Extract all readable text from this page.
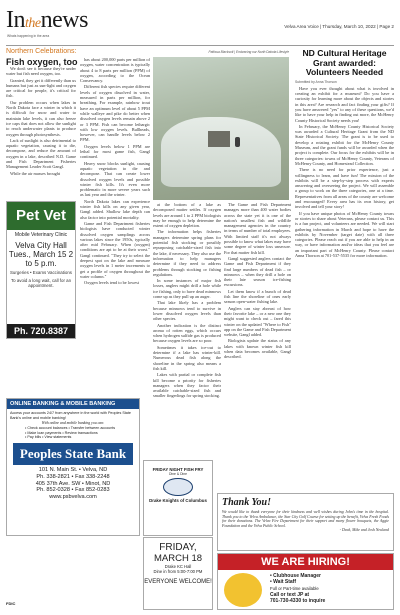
Inthenews
Whats happening in the area
Velva Area Voice | Thursday, March 10, 2022 | Page 2
Northern Celebrations:
Fish oxygen, too
Pattissa Blacksolt | Embracing our North Dakota Lifestyle

We don't see it because they're under water but fish need oxygen, too.

Granted, they get it differently than us humans but just as sun-light and oxygen are critical for people, it's critical for fish.

Our problem occurs when lakes in North Dakota face a winter in which it is difficult for snow and water to maintain lake levels, it can also freeze ice caps that does not allow the sunlight to reach underwater plants to produce oxygen through photosynthesis.

Lack of sunlight is also detrimental to aquatic vegetation, causing it to die, decompose, and reduce the amount of oxygen in a lake, described N.D. Game and Fish Department Fisheries Management Leader Scott Gangl.

While the air masses brought

has about 200,000 parts per million of oxygen, water concentration is typically about 4 to 8 parts per million (PPM) of oxygen, according to the Ocean Conservancy.

Different fish species require different levels of oxygen dissolved in water, measured in parts per million, for breathing. For example, rainbow trout have an optimum level of about 5 PPM while walleye and pike do better when dissolved oxygen levels remain above 2 or 3 PPM. Fish can become lethargic with low oxygen levels. Bullheads, however, can handle levels below 2 PPM.

Oxygen levels below 1 PPM are lethal for most game fish, Gangl continued.

Heavy snow blocks sunlight, causing aquatic vegetation to die and decompose. That can create lower dissolved oxygen levels and possible winter fish kills. It's even more problematic in more severe years such as last year and the winter.

North Dakota lakes can experience winter fish kills on any given year, Gangl added. Shallow lake depth can also factor into potential mortality.

Game and Fish Department fisheries biologists have conducted winter dissolved oxygen samplings across various lakes since the 1950s, typically after mid February. When (oxygen) conditions are apt to be at their worst." Gangl continued. "They try to select the deepest spot on the lake and measure oxygen levels in 1 meter increments to get a profile of oxygen throughout the water column."

Oxygen levels tend to be lowest

at the bottom of a lake as decomposed matter settles. If oxygen levels are around 1 to 2 PPM biologists may be enough to help determine the extent of oxygen depletion.

The information helps fisheries managers determine spring plans for potential fish stocking or possibly repurposing catchable-sized fish into the lake, if necessary. They also use the information to help managers determine if they need to address problems through stocking or fishing regulations.

In some instances of major fish losses, anglers might drill a hole while ice fishing, only to have dead minnows come up as they pull up an auger.

That lake likely has a problem because minnows tend to survive in lower dissolved oxygen levels than other species.

Another indication is the distinct aroma of rotten eggs, which occurs when hydrogen sulfide gas is produced because oxygen levels are so poor.

Sometimes it takes ice-out to determine if a lake has winter-kill. Numerous dead fish along the shoreline in the spring also means a fish kill.

Lakes with partial or complete fish kill become a priority for fisheries managers when they factor their available catchable-sized fish and smaller fingerlings for spring stocking.

The Game and Fish Department manages more than 400 water bodies across the state yet it is one of the nation's smallest fish and wildlife management agencies in the country in terms of number of total employees. With limited staff it's not always possible to know what lakes may have some degree of winter loss unsecure. For that matter fish kill.

Gangl suggested anglers contact the Game and Fish Department if they find large numbers of dead fish – or minnows – when they drill a hole on their late season ice-fishing excursions.

Let them know if a bunch of dead fish line the shoreline of ones early season open-water fishing lake.

Anglers can stay abreast of how their favorite lake – or a new one they might want to check out – fared this winter on the updated "Where to Fish" app on the Game and Fish Department website, Gangl added.

Biologists update the status of any lakes with known winter fish kill when data becomes available, Gangl described.

ND Cultural Heritage Grant awarded: Volunteers Needed
Submitted by Anna Thorson

Have you ever thought about what is involved in creating an exhibit for a museum? Do you have a curiosity for learning more about the objects and stories in this area? Are research and fact finding your gifts? If you have answered "yes" to any of these questions, we'd like to have your help in finding out more, the McHenry County Historical Society needs you!

In February, the McHenry County Historical Society was awarded a Cultural Heritage Grant from the ND State Historical Society. The grant is to be used to develop a rotating exhibit for the McHenry County Museum, and the grant funds will be awarded when the project is complete. Our focus for the exhibits will be in three categories: towns of McHenry County, Veterans of McHenry County, and Homestead Collection.

There is no need for prior experience, just a willingness to learn, and have fun! The mission of the exhibits will be a step-by-step process with experts answering and overseeing the project. We will assemble a group to work on the three categories, one at a time. Representatives from all areas of the county are welcome and encouraged! Every area has its own history, get involved and tell your story!

If you have unique photos of McHenry County towns or stories to share about Veterans, please contact us. This is a fun project, and volunteers are needed. We will start gathering information in March and hope to have the exhibits by November (target date) with all three categories. Please reach out if you are able to help in an way, or have information and/or ideas that you feel are an important part of McHenry County. Please contact Anna Thorson at 701-537-5535 for more information.

Pet Vet
Mobile Veterinary Clinic
Velva City Hall Tues., March 15 2 to 5 p.m.
Surgeries • Exams Vaccinations
To avoid a long wait, call for an appointment.
Ph. 720.8387
ONLINE BANKING & MOBILE BANKING
Access your accounts 24/7 from anywhere in the world with Peoples State Bank's online and mobile banking!
With online and mobile banking you can:
• Check account balances • Transfer between accounts
• Make loan payments • Review transactions
• Pay bills • View statements
Peoples State Bank
101 N. Main St. • Velva, ND
Ph. 338-2821 • Fax 338-2248
405 37th Ave. SW • Minot, ND
Ph. 852-0328 • Fax 852-0283
www.psbvelva.com
FDIC
FRIDAY NIGHT FISH FRY
Dine & Dine
Drake Knights of Columbus
FRIDAY,
MARCH 18
Drake KC Hall
Dine in from 5:00-7:00 PM
EVERYONE WELCOME!
Thank You!
We would like to thank everyone for their kindness and well wishes during John's time in the hospital. Thank you to the Velva Ambulance, the Star City Golf Course for setting up the benefit, Velva Fresh Foods for their donations. The Velva Fire Department for their support and many flower bouquets, the Aggie Foundation and the Velva Public School.
- Deak, Mike and Josh Neuland
WE ARE HIRING!
• Clubhouse Manager
• Wait Staff
Full or Part-time available
Call or text JP at
701-730-4330 to inquire
